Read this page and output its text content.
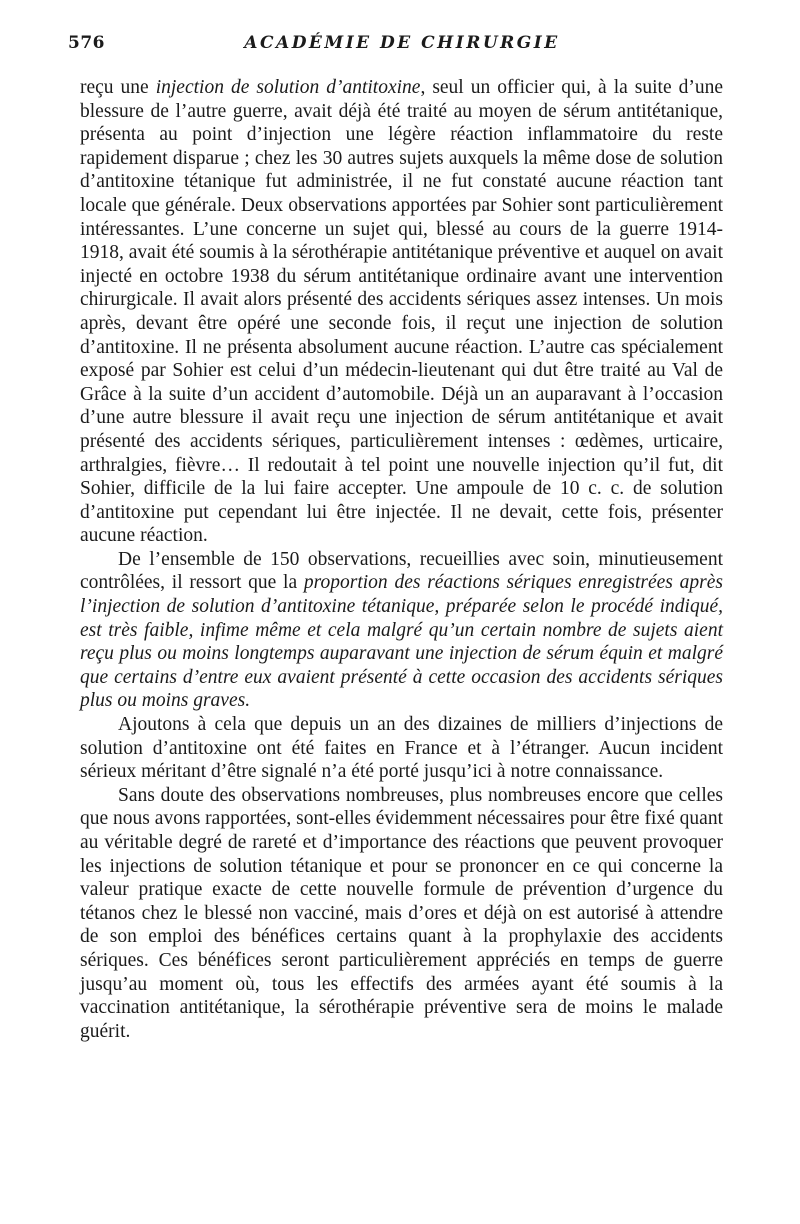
576	ACADÉMIE DE CHIRURGIE

reçu une injection de solution d’antitoxine, seul un officier qui, à la suite d’une blessure de l’autre guerre, avait déjà été traité au moyen de sérum antitétanique, présenta au point d’injection une légère réaction inflammatoire du reste rapidement disparue ; chez les 30 autres sujets auxquels la même dose de solution d’antitoxine tétanique fut administrée, il ne fut constaté aucune réaction tant locale que générale. Deux observations apportées par Sohier sont particulièrement intéressantes. L’une concerne un sujet qui, blessé au cours de la guerre 1914-1918, avait été soumis à la sérothérapie antitétanique préventive et auquel on avait injecté en octobre 1938 du sérum antitétanique ordinaire avant une intervention chirurgicale. Il avait alors présenté des accidents sériques assez intenses. Un mois après, devant être opéré une seconde fois, il reçut une injection de solution d’antitoxine. Il ne présenta absolument aucune réaction. L’autre cas spécialement exposé par Sohier est celui d’un médecin-lieutenant qui dut être traité au Val de Grâce à la suite d’un accident d’automobile. Déjà un an auparavant à l’occasion d’une autre blessure il avait reçu une injection de sérum antitétanique et avait présenté des accidents sériques, particulièrement intenses : œdèmes, urticaire, arthralgies, fièvre… Il redoutait à tel point une nouvelle injection qu’il fut, dit Sohier, difficile de la lui faire accepter. Une ampoule de 10 c. c. de solution d’antitoxine put cependant lui être injectée. Il ne devait, cette fois, présenter aucune réaction.

De l’ensemble de 150 observations, recueillies avec soin, minutieusement contrôlées, il ressort que la proportion des réactions sériques enregistrées après l’injection de solution d’antitoxine tétanique, préparée selon le procédé indiqué, est très faible, infime même et cela malgré qu’un certain nombre de sujets aient reçu plus ou moins longtemps auparavant une injection de sérum équin et malgré que certains d’entre eux avaient présenté à cette occasion des accidents sériques plus ou moins graves.

Ajoutons à cela que depuis un an des dizaines de milliers d’injections de solution d’antitoxine ont été faites en France et à l’étranger. Aucun incident sérieux méritant d’être signalé n’a été porté jusqu’ici à notre connaissance.

Sans doute des observations nombreuses, plus nombreuses encore que celles que nous avons rapportées, sont-elles évidemment nécessaires pour être fixé quant au véritable degré de rareté et d’importance des réactions que peuvent provoquer les injections de solution tétanique et pour se prononcer en ce qui concerne la valeur pratique exacte de cette nouvelle formule de prévention d’urgence du tétanos chez le blessé non vacciné, mais d’ores et déjà on est autorisé à attendre de son emploi des bénéfices certains quant à la prophylaxie des accidents sériques. Ces bénéfices seront particulièrement appréciés en temps de guerre jusqu’au moment où, tous les effectifs des armées ayant été soumis à la vaccination antitétanique, la sérothérapie préventive sera de moins le malade guérit.
